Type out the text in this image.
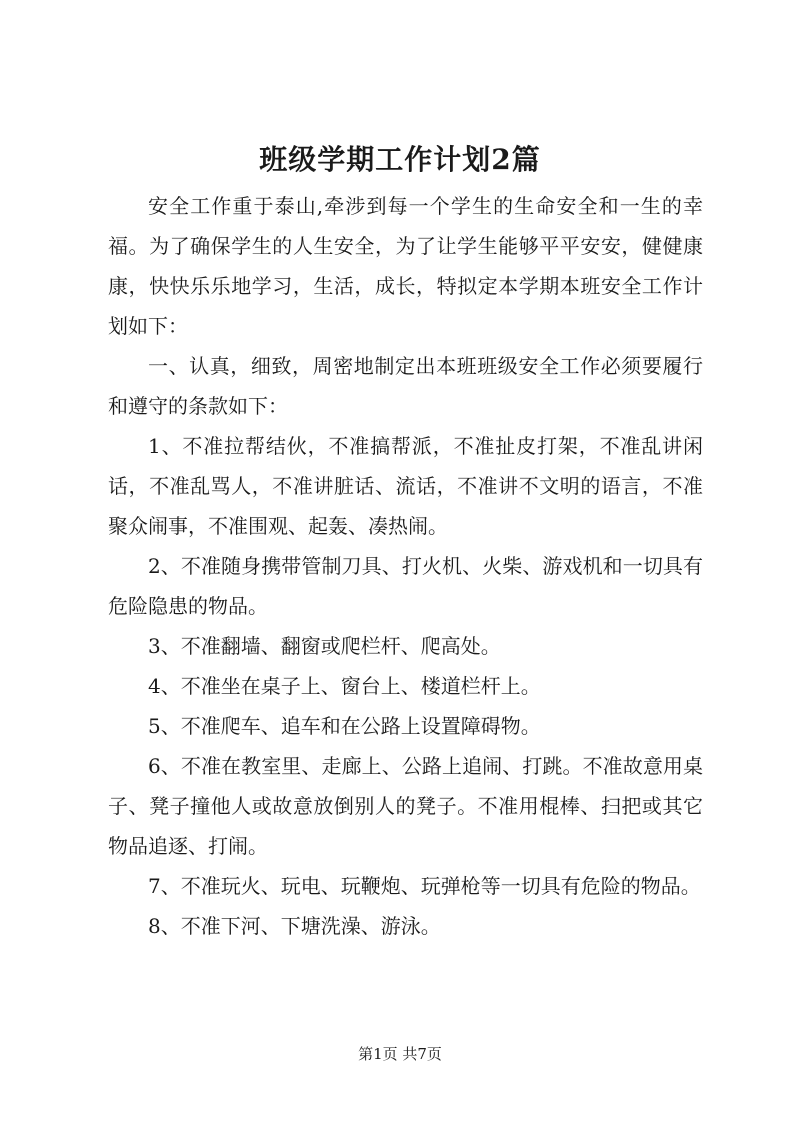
班级学期工作计划2篇

安全工作重于泰山,牵涉到每一个学生的生命安全和一生的幸福。为了确保学生的人生安全，为了让学生能够平平安安，健健康康，快快乐乐地学习，生活，成长，特拟定本学期本班安全工作计划如下：

一、认真，细致，周密地制定出本班班级安全工作必须要履行和遵守的条款如下：

1、不准拉帮结伙，不准搞帮派，不准扯皮打架，不准乱讲闲话，不准乱骂人，不准讲脏话、流话，不准讲不文明的语言，不准聚众闹事，不准围观、起轰、凑热闹。

2、不准随身携带管制刀具、打火机、火柴、游戏机和一切具有危险隐患的物品。

3、不准翻墙、翻窗或爬栏杆、爬高处。

4、不准坐在桌子上、窗台上、楼道栏杆上。

5、不准爬车、追车和在公路上设置障碍物。

6、不准在教室里、走廊上、公路上追闹、打跳。不准故意用桌子、凳子撞他人或故意放倒别人的凳子。不准用棍棒、扫把或其它物品追逐、打闹。

7、不准玩火、玩电、玩鞭炮、玩弹枪等一切具有危险的物品。

8、不准下河、下塘洗澡、游泳。

第1页 共7页
